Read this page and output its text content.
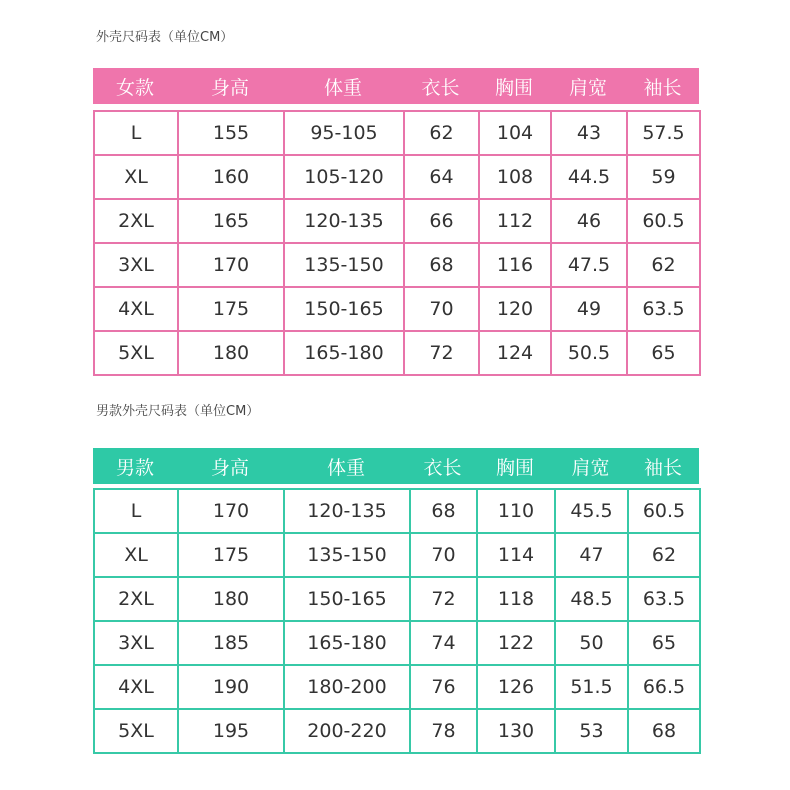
外壳尺码表（单位CM）
女款	身高	体重	衣长	胸围	肩宽	袖长
L	155	95-105	62	104	43	57.5
XL	160	105-120	64	108	44.5	59
2XL	165	120-135	66	112	46	60.5
3XL	170	135-150	68	116	47.5	62
4XL	175	150-165	70	120	49	63.5
5XL	180	165-180	72	124	50.5	65
男款外壳尺码表（单位CM）
男款	身高	体重	衣长	胸围	肩宽	袖长
L	170	120-135	68	110	45.5	60.5
XL	175	135-150	70	114	47	62
2XL	180	150-165	72	118	48.5	63.5
3XL	185	165-180	74	122	50	65
4XL	190	180-200	76	126	51.5	66.5
5XL	195	200-220	78	130	53	68
